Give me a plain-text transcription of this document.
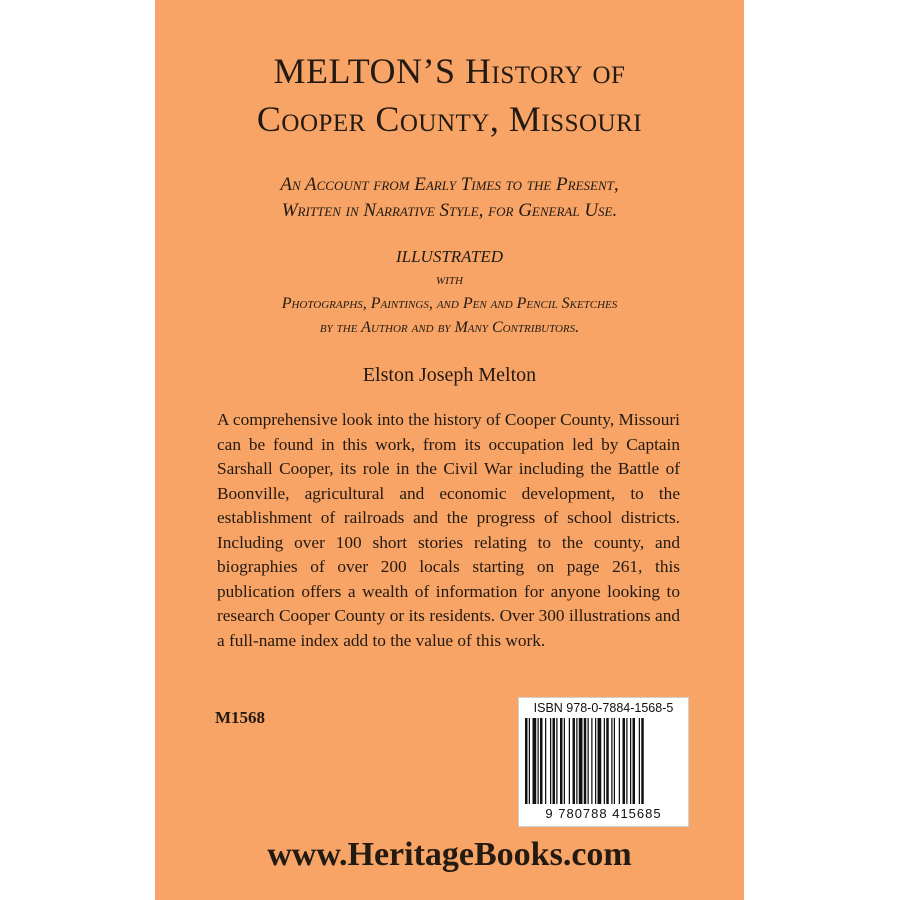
MELTON’S History of
Cooper County, Missouri
An Account from Early Times to the Present,
Written in Narrative Style, for General Use.
ILLUSTRATED
with
Photographs, Paintings, and Pen and Pencil Sketches
by the Author and by Many Contributors.
Elston Joseph Melton

A comprehensive look into the history of Cooper County, Missouri can be found in this work, from its occupation led by Captain Sarshall Cooper, its role in the Civil War including the Battle of Boonville, agricultural and economic development, to the establishment of railroads and the progress of school districts. Including over 100 short stories relating to the county, and biographies of over 200 locals starting on page 261, this publication offers a wealth of information for anyone looking to research Cooper County or its residents. Over 300 illustrations and a full-name index add to the value of this work.

M1568	ISBN 978-0-7884-1568-5
9 780788 415685
www.HeritageBooks.com
